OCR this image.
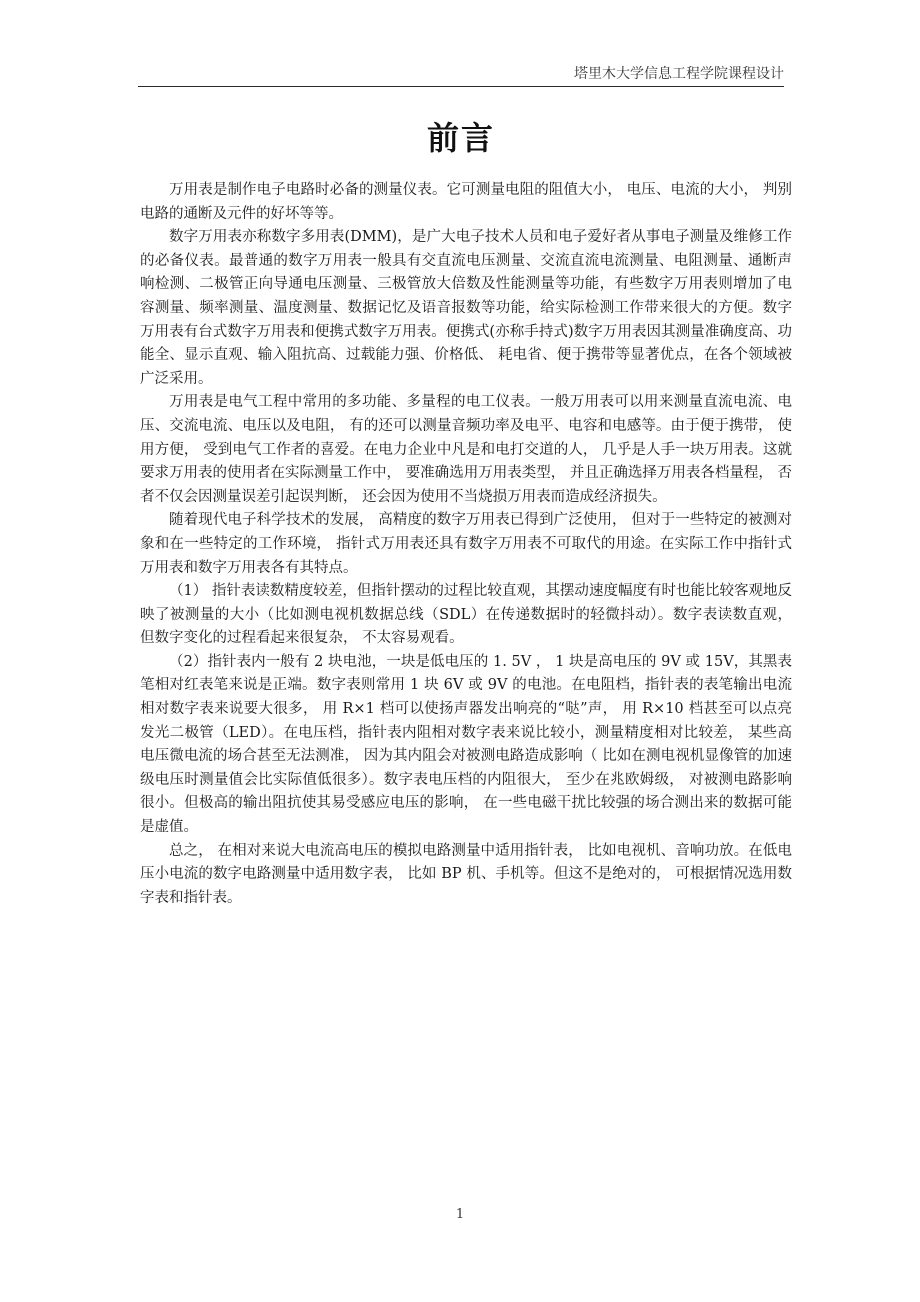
塔里木大学信息工程学院课程设计
前言

万用表是制作电子电路时必备的测量仪表。它可测量电阻的阻值大小， 电压、电流的大小， 判别电路的通断及元件的好坏等等。

数字万用表亦称数字多用表(DMM)，是广大电子技术人员和电子爱好者从事电子测量及维修工作的必备仪表。最普通的数字万用表一般具有交直流电压测量、交流直流电流测量、电阻测量、通断声响检测、二极管正向导通电压测量、三极管放大倍数及性能测量等功能，有些数字万用表则增加了电容测量、频率测量、温度测量、数据记忆及语音报数等功能，给实际检测工作带来很大的方便。数字万用表有台式数字万用表和便携式数字万用表。便携式(亦称手持式)数字万用表因其测量准确度高、功能全、显示直观、输入阻抗高、过载能力强、价格低、 耗电省、便于携带等显著优点，在各个领域被广泛采用。

万用表是电气工程中常用的多功能、多量程的电工仪表。一般万用表可以用来测量直流电流、电压、交流电流、电压以及电阻， 有的还可以测量音频功率及电平、电容和电感等。由于便于携带， 使用方便， 受到电气工作者的喜爱。在电力企业中凡是和电打交道的人， 几乎是人手一块万用表。这就要求万用表的使用者在实际测量工作中， 要准确选用万用表类型， 并且正确选择万用表各档量程， 否者不仅会因测量误差引起误判断， 还会因为使用不当烧损万用表而造成经济损失。

随着现代电子科学技术的发展， 高精度的数字万用表已得到广泛使用， 但对于一些特定的被测对象和在一些特定的工作环境， 指针式万用表还具有数字万用表不可取代的用途。在实际工作中指针式万用表和数字万用表各有其特点。

（1） 指针表读数精度较差，但指针摆动的过程比较直观，其摆动速度幅度有时也能比较客观地反映了被测量的大小（比如测电视机数据总线（SDL）在传递数据时的轻微抖动）。数字表读数直观， 但数字变化的过程看起来很复杂， 不太容易观看。

（2）指针表内一般有 2 块电池，一块是低电压的 1. 5V ， 1 块是高电压的 9V 或 15V，其黑表笔相对红表笔来说是正端。数字表则常用 1 块 6V 或 9V 的电池。在电阻档，指针表的表笔输出电流相对数字表来说要大很多， 用 R×1 档可以使扬声器发出响亮的“哒”声， 用 R×10 档甚至可以点亮发光二极管（LED）。在电压档，指针表内阻相对数字表来说比较小，测量精度相对比较差， 某些高电压微电流的场合甚至无法测准， 因为其内阻会对被测电路造成影响（ 比如在测电视机显像管的加速级电压时测量值会比实际值低很多）。数字表电压档的内阻很大， 至少在兆欧姆级， 对被测电路影响很小。但极高的输出阻抗使其易受感应电压的影响， 在一些电磁干扰比较强的场合测出来的数据可能是虚值。

总之， 在相对来说大电流高电压的模拟电路测量中适用指针表， 比如电视机、音响功放。在低电压小电流的数字电路测量中适用数字表， 比如 BP 机、手机等。但这不是绝对的， 可根据情况选用数字表和指针表。

1
